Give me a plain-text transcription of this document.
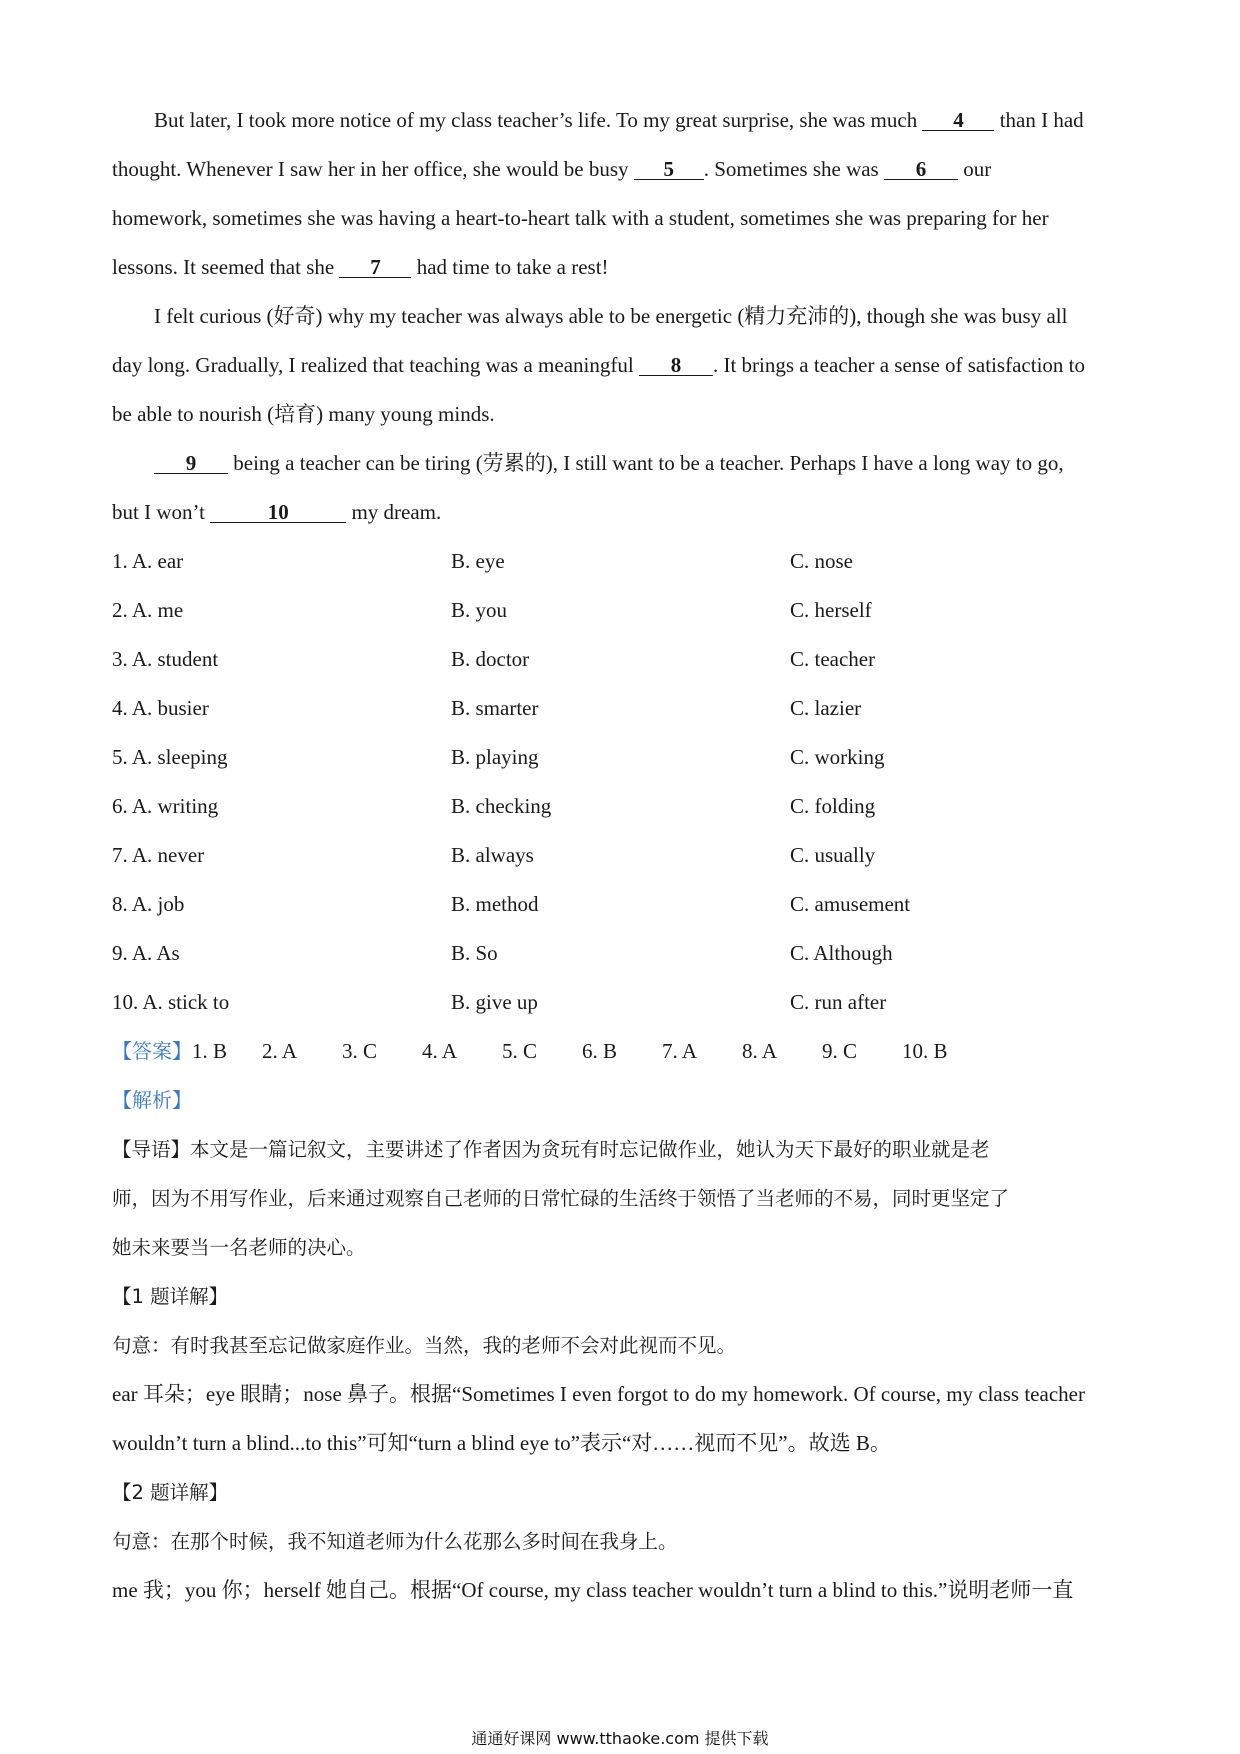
But later, I took more notice of my class teacher’s life. To my great surprise, she was much 4 than I had
thought. Whenever I saw her in her office, she would be busy 5 . Sometimes she was 6 our
homework, sometimes she was having a heart-to-heart talk with a student, sometimes she was preparing for her
lessons. It seemed that she 7 had time to take a rest!
I felt curious (好奇) why my teacher was always able to be energetic (精力充沛的), though she was busy all
day long. Gradually, I realized that teaching was a meaningful 8 . It brings a teacher a sense of satisfaction to
be able to nourish (培育) many young minds.
9 being a teacher can be tiring (劳累的), I still want to be a teacher. Perhaps I have a long way to go,
but I won’t	10	my dream.
1. A. ear	B. eye	C. nose
2. A. me	B. you	C. herself
3. A. student	B. doctor	C. teacher
4. A. busier	B. smarter	C. lazier
5. A. sleeping	B. playing	C. working
6. A. writing	B. checking	C. folding
7. A. never	B. always	C. usually
8. A. job	B. method	C. amusement
9. A. As	B. So	C. Although
10. A. stick to	B. give up	C. run after
【答案】1. B 2. A 3. C 4. A 5. C 6. B 7. A 8. A 9. C 10. B
【解析】
【导语】本文是一篇记叙文，主要讲述了作者因为贪玩有时忘记做作业，她认为天下最好的职业就是老
师，因为不用写作业，后来通过观察自己老师的日常忙碌的生活终于领悟了当老师的不易，同时更坚定了
她未来要当一名老师的决心。
【1 题详解】
句意：有时我甚至忘记做家庭作业。当然，我的老师不会对此视而不见。
ear 耳朵；eye 眼睛；nose 鼻子。根据“Sometimes I even forgot to do my homework. Of course, my class teacher
wouldn’t turn a blind...to this”可知“turn a blind eye to”表示“对……视而不见”。故选 B。
【2 题详解】
句意：在那个时候，我不知道老师为什么花那么多时间在我身上。
me 我；you 你；herself 她自己。根据“Of course, my class teacher wouldn’t turn a blind to this.”说明老师一直
通通好课网 www.tthaoke.com 提供下载
